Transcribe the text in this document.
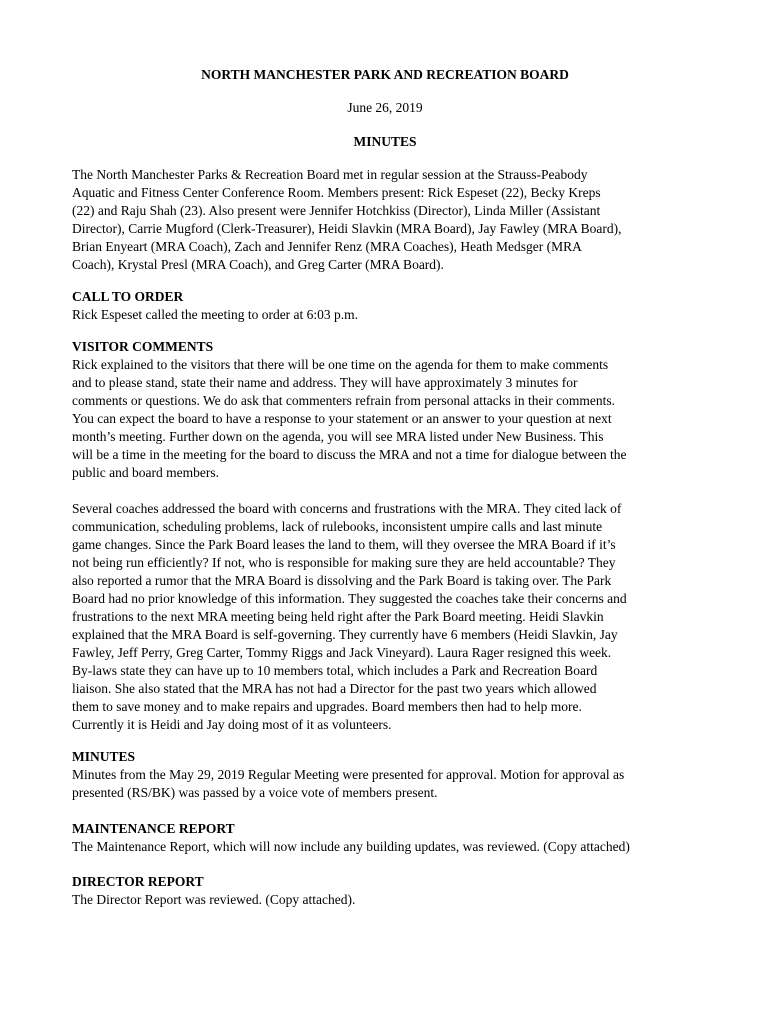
NORTH MANCHESTER PARK AND RECREATION BOARD
June 26, 2019
MINUTES
The North Manchester Parks & Recreation Board met in regular session at the Strauss-Peabody
Aquatic and Fitness Center Conference Room. Members present: Rick Espeset (22), Becky Kreps
(22) and Raju Shah (23). Also present were Jennifer Hotchkiss (Director), Linda Miller (Assistant
Director), Carrie Mugford (Clerk-Treasurer), Heidi Slavkin (MRA Board), Jay Fawley (MRA Board),
Brian Enyeart (MRA Coach), Zach and Jennifer Renz (MRA Coaches), Heath Medsger (MRA
Coach), Krystal Presl (MRA Coach), and Greg Carter (MRA Board).
CALL TO ORDER
Rick Espeset called the meeting to order at 6:03 p.m.
VISITOR COMMENTS
Rick explained to the visitors that there will be one time on the agenda for them to make comments
and to please stand, state their name and address. They will have approximately 3 minutes for
comments or questions. We do ask that commenters refrain from personal attacks in their comments.
You can expect the board to have a response to your statement or an answer to your question at next
month’s meeting. Further down on the agenda, you will see MRA listed under New Business. This
will be a time in the meeting for the board to discuss the MRA and not a time for dialogue between the
public and board members.
Several coaches addressed the board with concerns and frustrations with the MRA. They cited lack of
communication, scheduling problems, lack of rulebooks, inconsistent umpire calls and last minute
game changes. Since the Park Board leases the land to them, will they oversee the MRA Board if it’s
not being run efficiently? If not, who is responsible for making sure they are held accountable? They
also reported a rumor that the MRA Board is dissolving and the Park Board is taking over. The Park
Board had no prior knowledge of this information. They suggested the coaches take their concerns and
frustrations to the next MRA meeting being held right after the Park Board meeting. Heidi Slavkin
explained that the MRA Board is self-governing. They currently have 6 members (Heidi Slavkin, Jay
Fawley, Jeff Perry, Greg Carter, Tommy Riggs and Jack Vineyard). Laura Rager resigned this week.
By-laws state they can have up to 10 members total, which includes a Park and Recreation Board
liaison. She also stated that the MRA has not had a Director for the past two years which allowed
them to save money and to make repairs and upgrades. Board members then had to help more.
Currently it is Heidi and Jay doing most of it as volunteers.
MINUTES
Minutes from the May 29, 2019 Regular Meeting were presented for approval. Motion for approval as
presented (RS/BK) was passed by a voice vote of members present.
MAINTENANCE REPORT
The Maintenance Report, which will now include any building updates, was reviewed. (Copy attached)
DIRECTOR REPORT
The Director Report was reviewed. (Copy attached).
